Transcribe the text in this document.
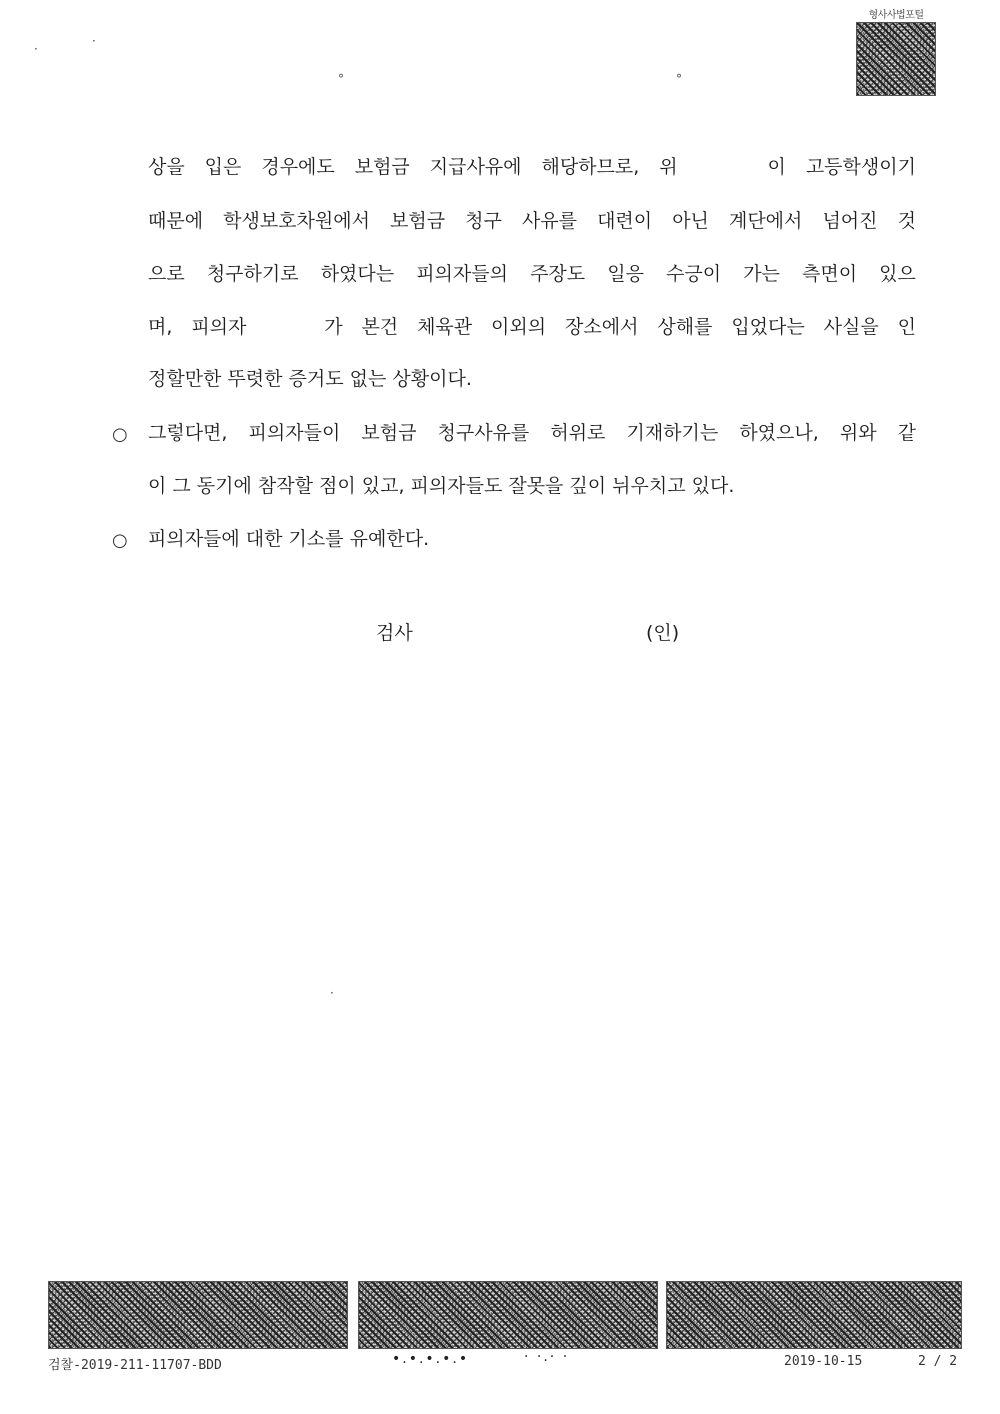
형사사법포털
·
·
°	°
상을 입은 경우에도 보험금 지급사유에 해당하므로, 위	이 고등학생이기
때문에 학생보호차원에서 보험금 청구 사유를 대련이 아닌 계단에서 넘어진 것
으로 청구하기로 하였다는 피의자들의 주장도 일응 수긍이 가는 측면이 있으
며, 피의자	가 본건 체육관 이외의 장소에서 상해를 입었다는 사실을 인
정할만한 뚜렷한 증거도 없는 상황이다.
○ 그렇다면, 피의자들이 보험금 청구사유를 허위로 기재하기는 하였으나, 위와 같
이 그 동기에 참작할 점이 있고, 피의자들도 잘못을 깊이 뉘우치고 있다.
○ 피의자들에 대한 기소를 유예한다.
검사	(인)
·
검찰-2019-211-11707-BDD	•.•.•.•.•	· ·.· ·	2019-10-15	2 / 2
